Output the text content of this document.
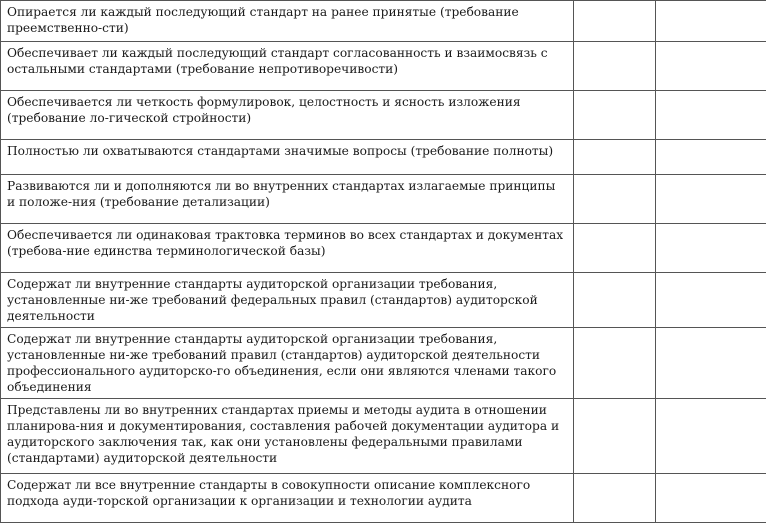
Опирается ли каждый последующий стандарт на ранее принятые (требование преемственно-сти)		
Обеспечивает ли каждый последующий стандарт согласованность и взаимосвязь с остальными стандартами (требование непротиворечивости)		
Обеспечивается ли четкость формулировок, целостность и ясность изложения (требование ло-гической стройности)		
Полностью ли охватываются стандартами значимые вопросы (требование полноты)		
Развиваются ли и дополняются ли во внутренних стандартах излагаемые принципы и положе-ния (требование детализации)		
Обеспечивается ли одинаковая трактовка терминов во всех стандартах и документах (требова-ние единства терминологической базы)		
Содержат ли внутренние стандарты аудиторской организации требования, установленные ни-же требований федеральных правил (стандартов) аудиторской деятельности		
Содержат ли внутренние стандарты аудиторской организации требования, установленные ни-же требований правил (стандартов) аудиторской деятельности профессионального аудиторско-го объединения, если они являются членами такого объединения		
Представлены ли во внутренних стандартах приемы и методы аудита в отношении планирова-ния и документирования, составления рабочей документации аудитора и аудиторского заключения так, как они установлены федеральными правилами (стандартами) аудиторской деятельности		
Содержат ли все внутренние стандарты в совокупности описание комплексного подхода ауди-торской организации к организации и технологии аудита		
